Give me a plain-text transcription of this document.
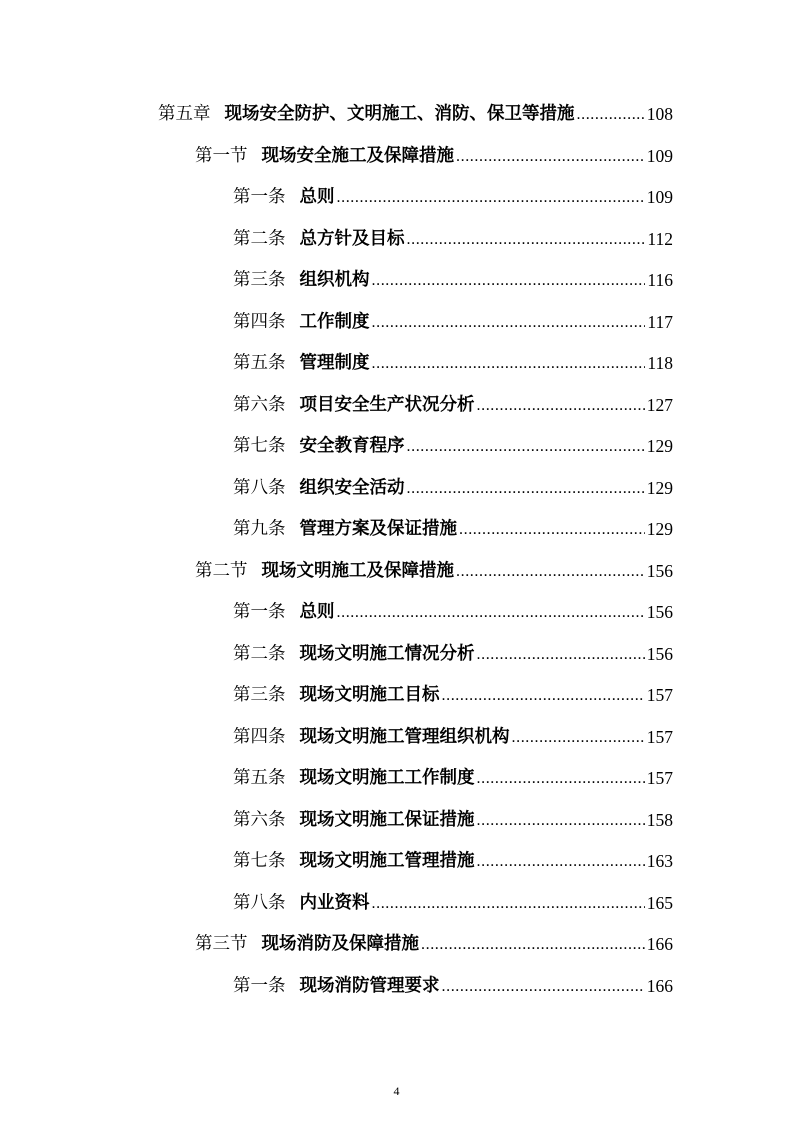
第五章 现场安全防护、文明施工、消防、保卫等措施 .....	108
第一节 现场安全施工及保障措施 .....	109
第一条 总则 .....	109
第二条 总方针及目标 .....	112
第三条 组织机构 .....	116
第四条 工作制度 .....	117
第五条 管理制度 .....	118
第六条 项目安全生产状况分析 .....	127
第七条 安全教育程序 .....	129
第八条 组织安全活动 .....	129
第九条 管理方案及保证措施 .....	129
第二节 现场文明施工及保障措施 .....	156
第一条 总则 .....	156
第二条 现场文明施工情况分析 .....	156
第三条 现场文明施工目标 .....	157
第四条 现场文明施工管理组织机构 .....	157
第五条 现场文明施工工作制度 .....	157
第六条 现场文明施工保证措施 .....	158
第七条 现场文明施工管理措施 .....	163
第八条 内业资料 .....	165
第三节 现场消防及保障措施 .....	166
第一条 现场消防管理要求 .....	166
4
